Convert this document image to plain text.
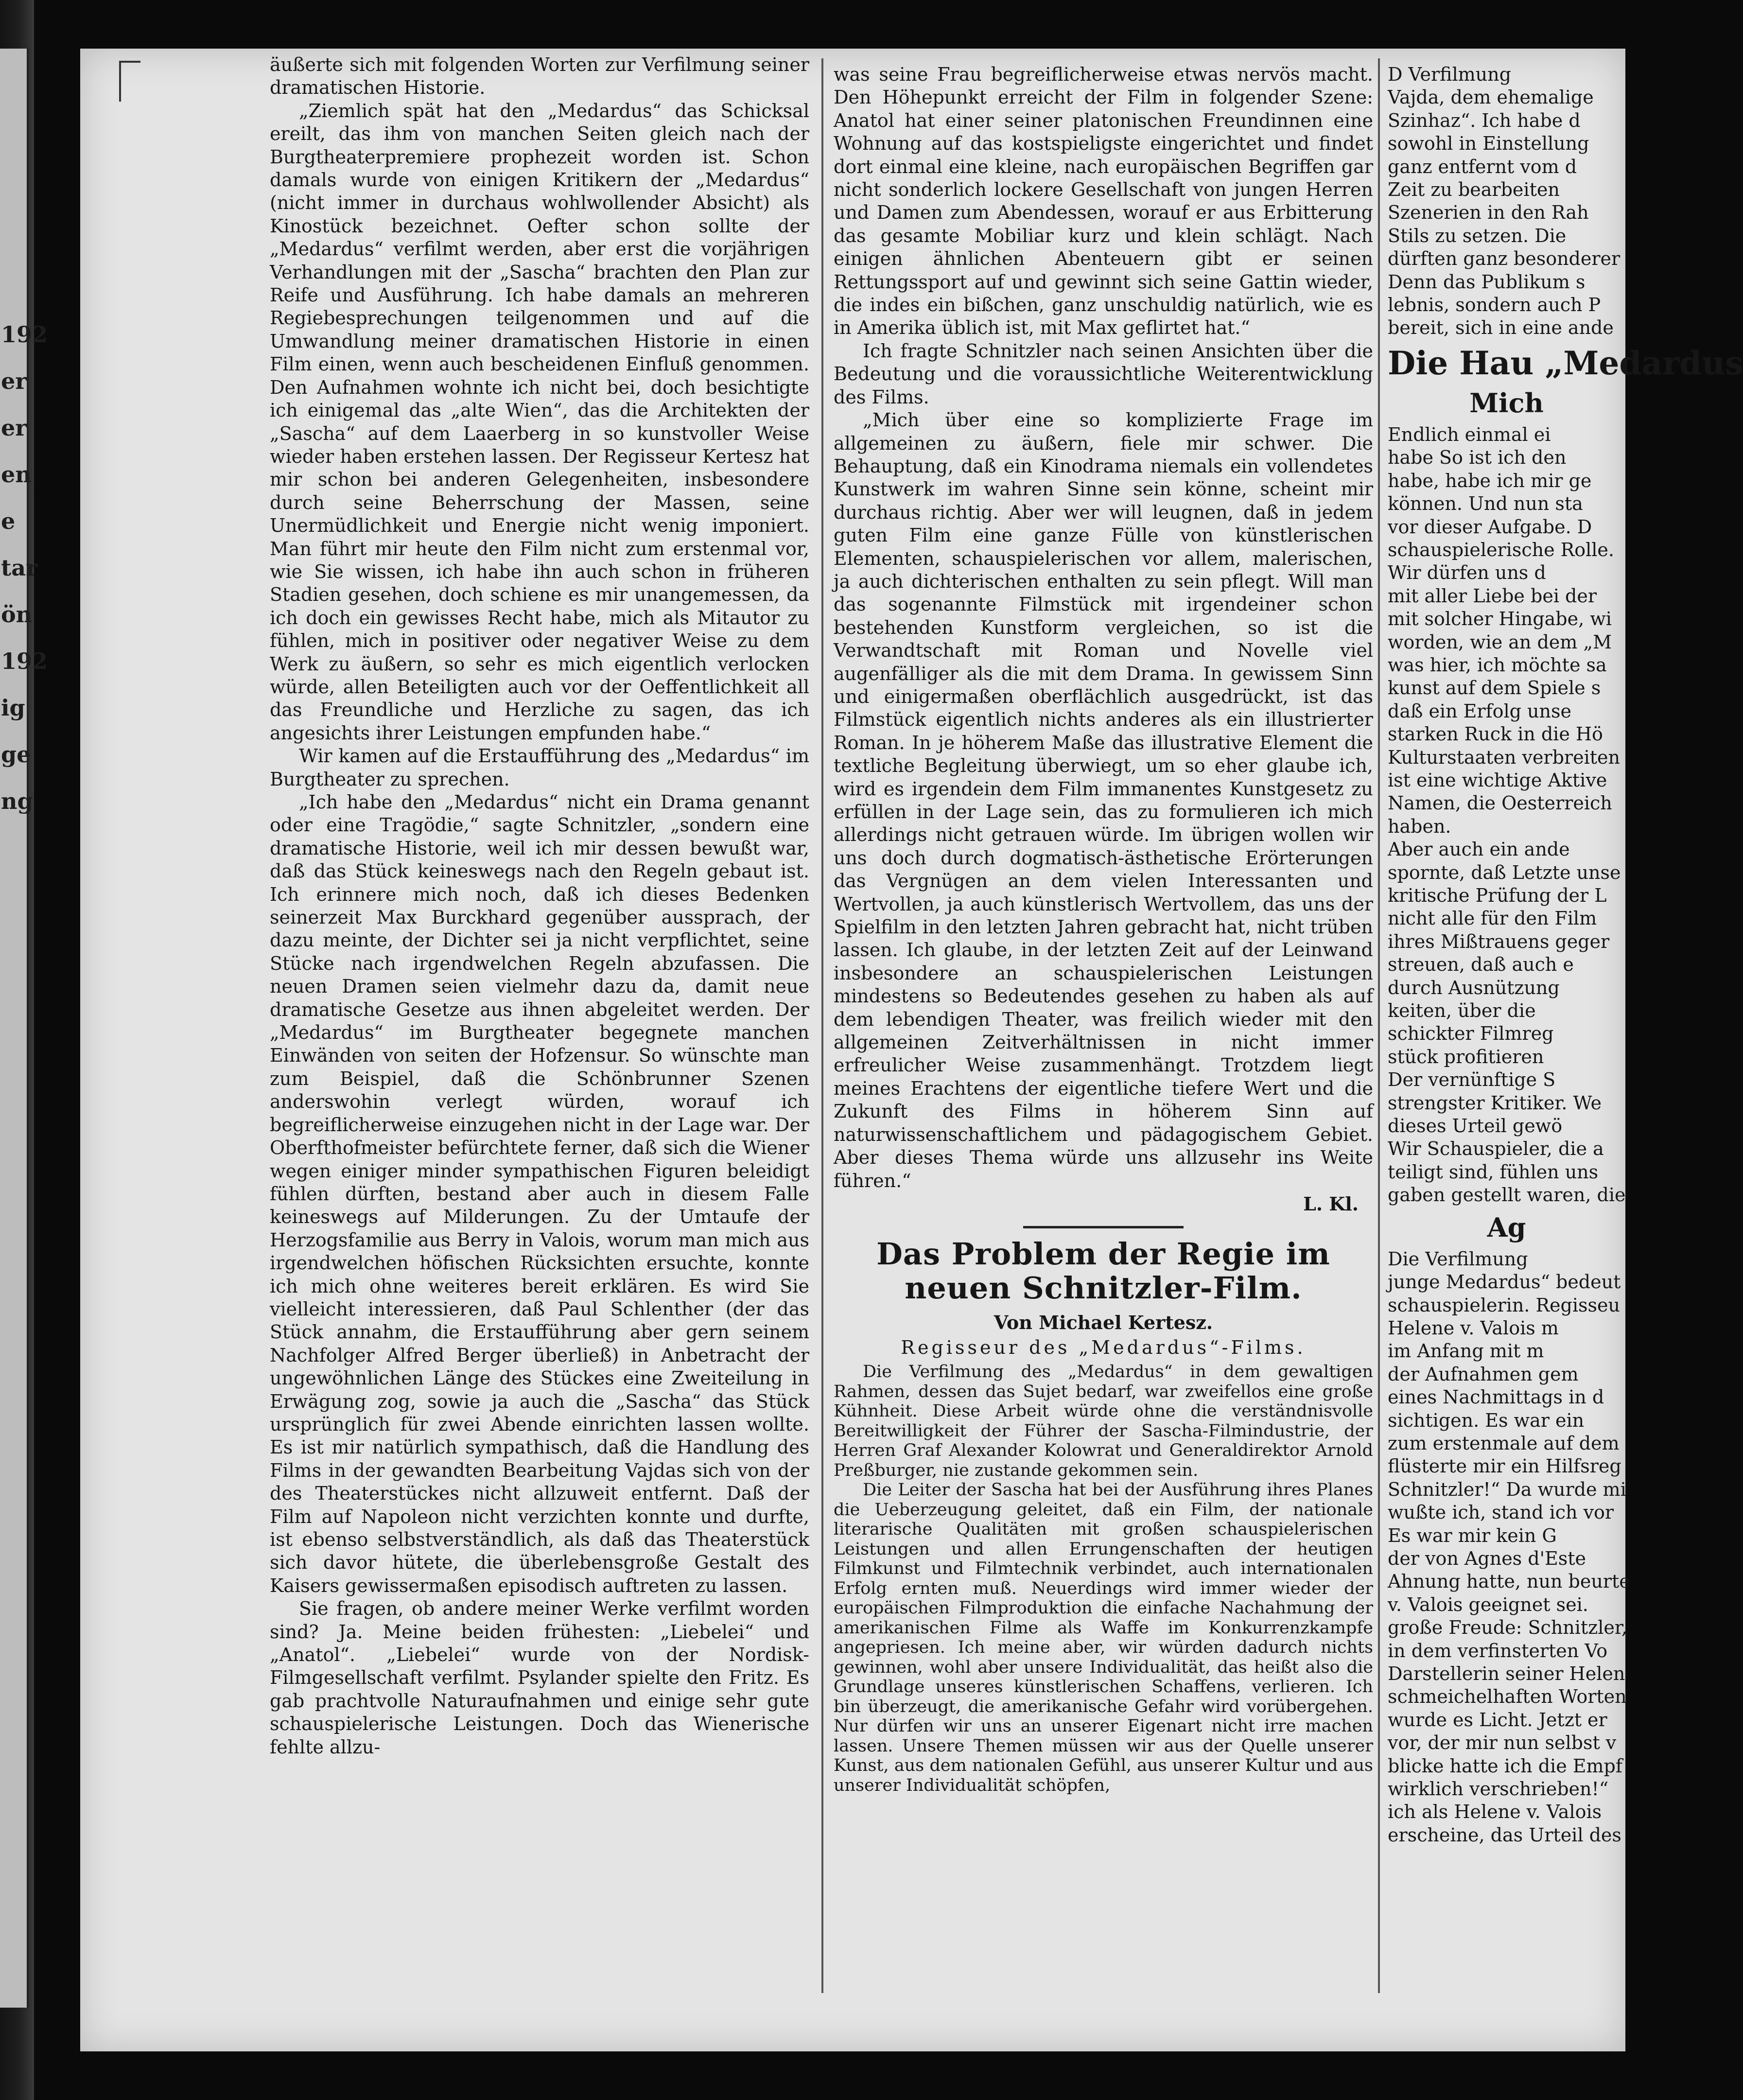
192
er
er
en
e
tar
ön
192
ig
ge
ng

äußerte sich mit folgenden Worten zur Verfilmung seiner dramatischen Historie.

„Ziemlich spät hat den „Medardus“ das Schicksal ereilt, das ihm von manchen Seiten gleich nach der Burgtheaterpremiere prophezeit worden ist. Schon damals wurde von einigen Kritikern der „Medardus“ (nicht immer in durchaus wohlwollender Absicht) als Kinostück bezeichnet. Oefter schon sollte der „Medardus“ verfilmt werden, aber erst die vorjährigen Verhandlungen mit der „Sascha“ brachten den Plan zur Reife und Ausführung. Ich habe damals an mehreren Regiebesprechungen teilgenommen und auf die Umwandlung meiner dramatischen Historie in einen Film einen, wenn auch bescheidenen Einfluß genommen. Den Aufnahmen wohnte ich nicht bei, doch besichtigte ich einigemal das „alte Wien“, das die Architekten der „Sascha“ auf dem Laaerberg in so kunstvoller Weise wieder haben erstehen lassen. Der Regisseur Kertesz hat mir schon bei anderen Gelegenheiten, insbesondere durch seine Beherrschung der Massen, seine Unermüdlichkeit und Energie nicht wenig imponiert. Man führt mir heute den Film nicht zum erstenmal vor, wie Sie wissen, ich habe ihn auch schon in früheren Stadien gesehen, doch schiene es mir unangemessen, da ich doch ein gewisses Recht habe, mich als Mitautor zu fühlen, mich in positiver oder negativer Weise zu dem Werk zu äußern, so sehr es mich eigentlich verlocken würde, allen Beteiligten auch vor der Oeffentlichkeit all das Freundliche und Herzliche zu sagen, das ich angesichts ihrer Leistungen empfunden habe.“

Wir kamen auf die Erstaufführung des „Medardus“ im Burgtheater zu sprechen.

„Ich habe den „Medardus“ nicht ein Drama genannt oder eine Tragödie,“ sagte Schnitzler, „sondern eine dramatische Historie, weil ich mir dessen bewußt war, daß das Stück keineswegs nach den Regeln gebaut ist. Ich erinnere mich noch, daß ich dieses Bedenken seinerzeit Max Burckhard gegenüber aussprach, der dazu meinte, der Dichter sei ja nicht verpflichtet, seine Stücke nach irgendwelchen Regeln abzufassen. Die neuen Dramen seien vielmehr dazu da, damit neue dramatische Gesetze aus ihnen abgeleitet werden. Der „Medardus“ im Burgtheater begegnete manchen Einwänden von seiten der Hofzensur. So wünschte man zum Beispiel, daß die Schönbrunner Szenen anderswohin verlegt würden, worauf ich begreiflicherweise einzugehen nicht in der Lage war. Der Oberfthofmeister befürchtete ferner, daß sich die Wiener wegen einiger minder sympathischen Figuren beleidigt fühlen dürften, bestand aber auch in diesem Falle keineswegs auf Milderungen. Zu der Umtaufe der Herzogsfamilie aus Berry in Valois, worum man mich aus irgendwelchen höfischen Rücksichten ersuchte, konnte ich mich ohne weiteres bereit erklären. Es wird Sie vielleicht interessieren, daß Paul Schlenther (der das Stück annahm, die Erstaufführung aber gern seinem Nachfolger Alfred Berger überließ) in Anbetracht der ungewöhnlichen Länge des Stückes eine Zweiteilung in Erwägung zog, sowie ja auch die „Sascha“ das Stück ursprünglich für zwei Abende einrichten lassen wollte. Es ist mir natürlich sympathisch, daß die Handlung des Films in der gewandten Bearbeitung Vajdas sich von der des Theaterstückes nicht allzuweit entfernt. Daß der Film auf Napoleon nicht verzichten konnte und durfte, ist ebenso selbstverständlich, als daß das Theaterstück sich davor hütete, die überlebensgroße Gestalt des Kaisers gewissermaßen episodisch auftreten zu lassen.

Sie fragen, ob andere meiner Werke verfilmt worden sind? Ja. Meine beiden frühesten: „Liebelei“ und „Anatol“. „Liebelei“ wurde von der Nordisk-Filmgesellschaft verfilmt. Psylander spielte den Fritz. Es gab prachtvolle Naturaufnahmen und einige sehr gute schauspielerische Leistungen. Doch das Wienerische fehlte allzu-

was seine Frau begreiflicherweise etwas nervös macht. Den Höhepunkt erreicht der Film in folgender Szene: Anatol hat einer seiner platonischen Freundinnen eine Wohnung auf das kostspieligste eingerichtet und findet dort einmal eine kleine, nach europäischen Begriffen gar nicht sonderlich lockere Gesellschaft von jungen Herren und Damen zum Abendessen, worauf er aus Erbitterung das gesamte Mobiliar kurz und klein schlägt. Nach einigen ähnlichen Abenteuern gibt er seinen Rettungssport auf und gewinnt sich seine Gattin wieder, die indes ein bißchen, ganz unschuldig natürlich, wie es in Amerika üblich ist, mit Max geflirtet hat.“

Ich fragte Schnitzler nach seinen Ansichten über die Bedeutung und die voraussichtliche Weiterentwicklung des Films.

„Mich über eine so komplizierte Frage im allgemeinen zu äußern, fiele mir schwer. Die Behauptung, daß ein Kinodrama niemals ein vollendetes Kunstwerk im wahren Sinne sein könne, scheint mir durchaus richtig. Aber wer will leugnen, daß in jedem guten Film eine ganze Fülle von künstlerischen Elementen, schauspielerischen vor allem, malerischen, ja auch dichterischen enthalten zu sein pflegt. Will man das sogenannte Filmstück mit irgendeiner schon bestehenden Kunstform vergleichen, so ist die Verwandtschaft mit Roman und Novelle viel augenfälliger als die mit dem Drama. In gewissem Sinn und einigermaßen oberflächlich ausgedrückt, ist das Filmstück eigentlich nichts anderes als ein illustrierter Roman. In je höherem Maße das illustrative Element die textliche Begleitung überwiegt, um so eher glaube ich, wird es irgendein dem Film immanentes Kunstgesetz zu erfüllen in der Lage sein, das zu formulieren ich mich allerdings nicht getrauen würde. Im übrigen wollen wir uns doch durch dogmatisch-ästhetische Erörterungen das Vergnügen an dem vielen Interessanten und Wertvollen, ja auch künstlerisch Wertvollem, das uns der Spielfilm in den letzten Jahren gebracht hat, nicht trüben lassen. Ich glaube, in der letzten Zeit auf der Leinwand insbesondere an schauspielerischen Leistungen mindestens so Bedeutendes gesehen zu haben als auf dem lebendigen Theater, was freilich wieder mit den allgemeinen Zeitverhältnissen in nicht immer erfreulicher Weise zusammenhängt. Trotzdem liegt meines Erachtens der eigentliche tiefere Wert und die Zukunft des Films in höherem Sinn auf naturwissenschaftlichem und pädagogischem Gebiet. Aber dieses Thema würde uns allzusehr ins Weite führen.“

L. Kl.

Das Problem der Regie im neuen Schnitzler-Film.
Von Michael Kertesz.
Regisseur des „Medardus“-Films.

Die Verfilmung des „Medardus“ in dem gewaltigen Rahmen, dessen das Sujet bedarf, war zweifellos eine große Kühnheit. Diese Arbeit würde ohne die verständnisvolle Bereitwilligkeit der Führer der Sascha-Filmindustrie, der Herren Graf Alexander Kolowrat und Generaldirektor Arnold Preßburger, nie zustande gekommen sein.

Die Leiter der Sascha hat bei der Ausführung ihres Planes die Ueberzeugung geleitet, daß ein Film, der nationale literarische Qualitäten mit großen schauspielerischen Leistungen und allen Errungenschaften der heutigen Filmkunst und Filmtechnik verbindet, auch internationalen Erfolg ernten muß. Neuerdings wird immer wieder der europäischen Filmproduktion die einfache Nachahmung der amerikanischen Filme als Waffe im Konkurrenzkampfe angepriesen. Ich meine aber, wir würden dadurch nichts gewinnen, wohl aber unsere Individualität, das heißt also die Grundlage unseres künstlerischen Schaffens, verlieren. Ich bin überzeugt, die amerikanische Gefahr wird vorübergehen. Nur dürfen wir uns an unserer Eigenart nicht irre machen lassen. Unsere Themen müssen wir aus der Quelle unserer Kunst, aus dem nationalen Gefühl, aus unserer Kultur und aus unserer Individualität schöpfen,

D Verfilmung

Vajda, dem ehemalige

Szinhaz“. Ich habe d

sowohl in Einstellung

ganz entfernt vom d

Zeit zu bearbeiten

Szenerien in den Rah

Stils zu setzen. Die

dürften ganz besonderer

Denn das Publikum s

lebnis, sondern auch P

bereit, sich in eine ande

Die Hau „Medardus
Mich

Endlich einmal ei

habe So ist ich den

habe, habe ich mir ge

können. Und nun sta

vor dieser Aufgabe. D

schauspielerische Rolle.

Wir dürfen uns d

mit aller Liebe bei der

mit solcher Hingabe, wi

worden, wie an dem „M

was hier, ich möchte sa

kunst auf dem Spiele s

daß ein Erfolg unse

starken Ruck in die Hö

Kulturstaaten verbreiten

ist eine wichtige Aktive

Namen, die Oesterreich

haben.

Aber auch ein ande

spornte, daß Letzte unse

kritische Prüfung der L

nicht alle für den Film

ihres Mißtrauens geger

streuen, daß auch e

durch Ausnützung

keiten, über die

schickter Filmreg

stück profitieren

Der vernünftige S

strengster Kritiker. We

dieses Urteil gewö

Wir Schauspieler, die a

teiligt sind, fühlen uns

gaben gestellt waren, die

Ag

Die Verfilmung

junge Medardus“ bedeut

schauspielerin. Regisseu

Helene v. Valois m

im Anfang mit m

der Aufnahmen gem

eines Nachmittags in d

sichtigen. Es war ein

zum erstenmale auf dem

flüsterte mir ein Hilfsreg

Schnitzler!“ Da wurde mi

wußte ich, stand ich vor

Es war mir kein G

der von Agnes d'Este

Ahnung hatte, nun beurte

v. Valois geeignet sei.

große Freude: Schnitzler,

in dem verfinsterten Vo

Darstellerin seiner Helen

schmeichelhaften Worten

wurde es Licht. Jetzt er

vor, der mir nun selbst v

blicke hatte ich die Empf

wirklich verschrieben!“

ich als Helene v. Valois

erscheine, das Urteil des
